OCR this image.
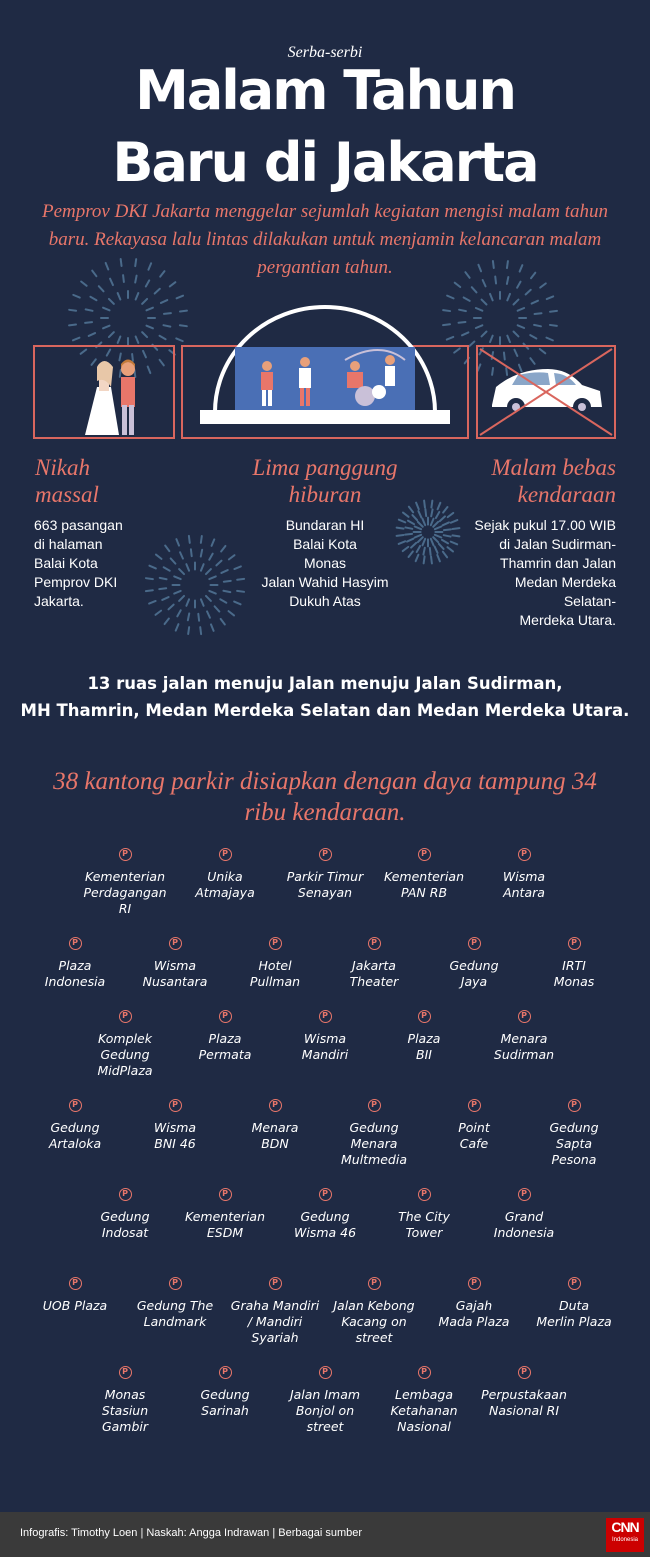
Serba-serbi
Malam Tahun
Baru di Jakarta
Pemprov DKI Jakarta menggelar sejumlah kegiatan mengisi malam tahun baru. Rekayasa lalu lintas dilakukan untuk menjamin kelancaran malam pergantian tahun.
Nikah
massal
Lima panggung
hiburan
Malam bebas
kendaraan
663 pasangan
di halaman
Balai Kota
Pemprov DKI
Jakarta.
Bundaran HI
Balai Kota
Monas
Jalan Wahid Hasyim
Dukuh Atas
Sejak pukul 17.00 WIB
di Jalan Sudirman-
Thamrin dan Jalan
Medan Merdeka
Selatan-
Merdeka Utara.
13 ruas jalan menuju Jalan menuju Jalan Sudirman,
MH Thamrin, Medan Merdeka Selatan dan Medan Merdeka Utara.
38 kantong parkir disiapkan dengan daya tampung 34 ribu kendaraan.
P
Kementerian
Perdagangan
RI
P
Unika
Atmajaya
P
Parkir Timur
Senayan
P
Kementerian
PAN RB
P
Wisma
Antara
P
Plaza
Indonesia
P
Wisma
Nusantara
P
Hotel
Pullman
P
Jakarta
Theater
P
Gedung
Jaya
P
IRTI
Monas
P
Komplek
Gedung
MidPlaza
P
Plaza
Permata
P
Wisma
Mandiri
P
Plaza
BII
P
Menara
Sudirman
P
Gedung
Artaloka
P
Wisma
BNI 46
P
Menara
BDN
P
Gedung
Menara
Multmedia
P
Point
Cafe
P
Gedung
Sapta
Pesona
P
Gedung
Indosat
P
Kementerian
ESDM
P
Gedung
Wisma 46
P
The City
Tower
P
Grand
Indonesia
P
UOB Plaza
P
Gedung The
Landmark
P
Graha Mandiri
/ Mandiri
Syariah
P
Jalan Kebong
Kacang on
street
P
Gajah
Mada Plaza
P
Duta
Merlin Plaza
P
Monas
Stasiun
Gambir
P
Gedung
Sarinah
P
Jalan Imam
Bonjol on
street
P
Lembaga
Ketahanan
Nasional
P
Perpustakaan
Nasional RI
Infografis: Timothy Loen | Naskah: Angga Indrawan | Berbagai sumber	CNN
Indonesia
